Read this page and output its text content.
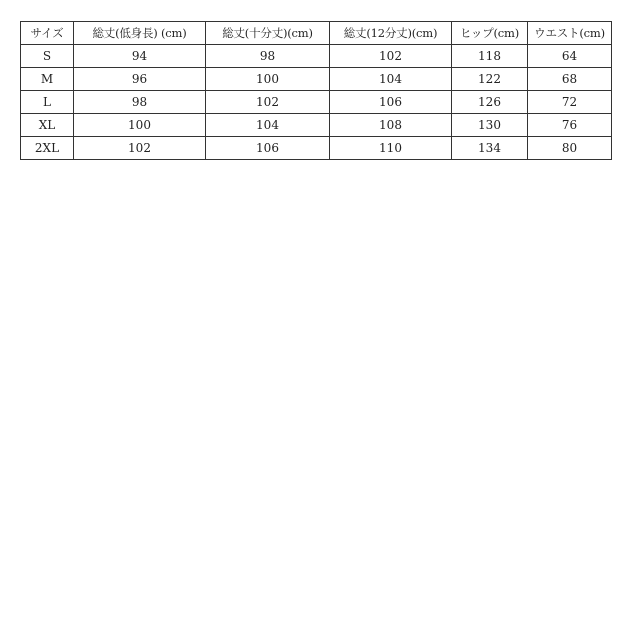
サイズ	総丈(低身長) (cm)	総丈(十分丈)(cm)	総丈(12分丈)(cm)	ヒップ(cm)	ウエスト(cm)
S	94	98	102	118	64
M	96	100	104	122	68
L	98	102	106	126	72
XL	100	104	108	130	76
2XL	102	106	110	134	80
